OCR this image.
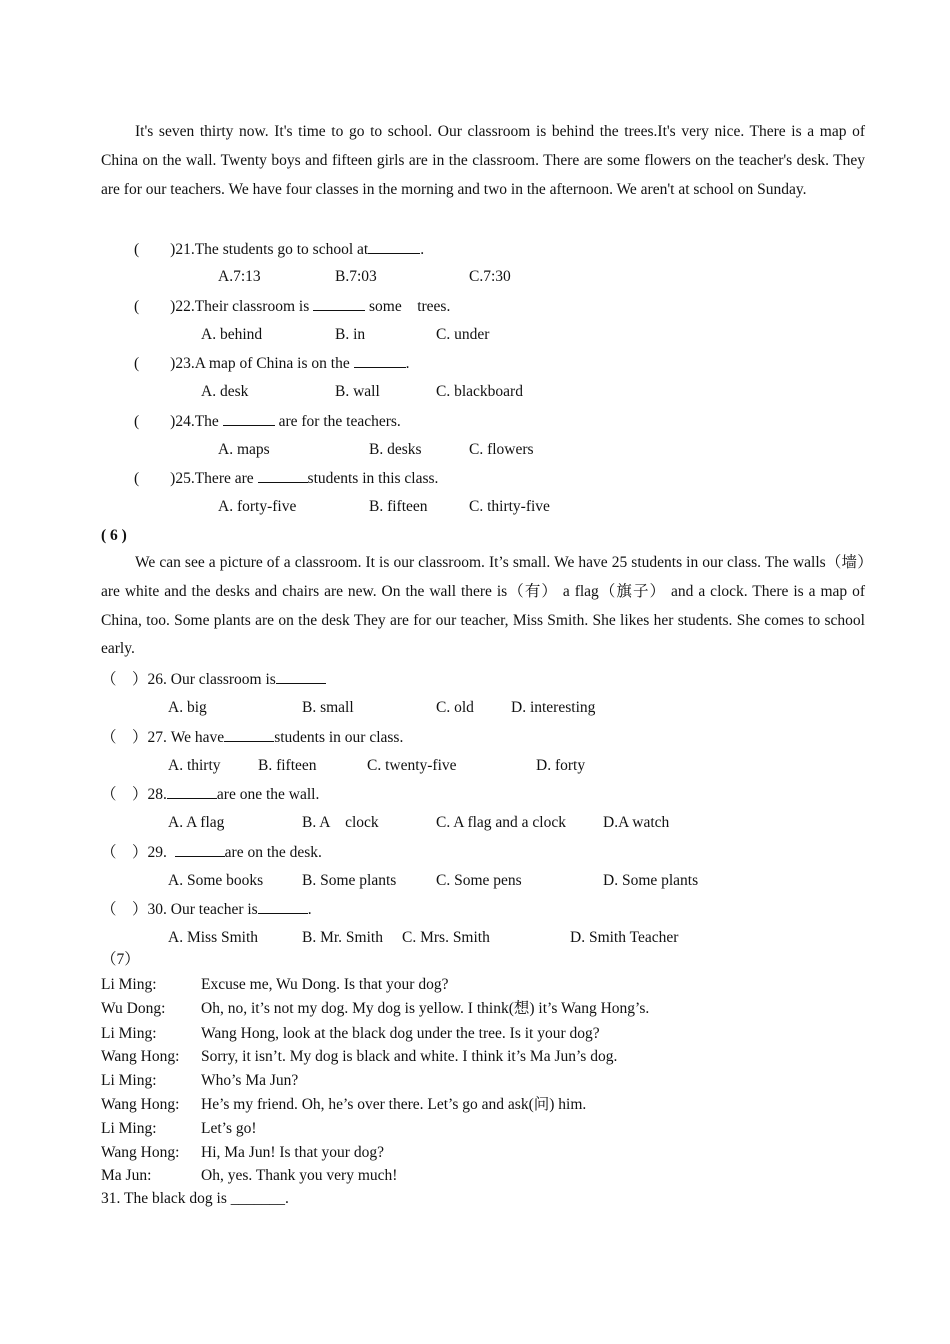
It's seven thirty now. It's time to go to school. Our classroom is behind the trees.It's very nice. There is a map of China on the wall. Twenty boys and fifteen girls are in the classroom. There are some flowers on the teacher's desk. They are for our teachers. We have four classes in the morning and two in the afternoon. We aren't at school on Sunday.
( )21.The students go to school at	.
A.7:13	B.7:03	C.7:30
( )22.Their classroom is	some    trees.
A. behind	B. in	C. under
( )23.A map of China is on the	.
A. desk	B. wall	C. blackboard
( )24.The	are for the teachers.
A. maps	B. desks	C. flowers
( )25.There are	students in this class.
A. forty-five	B. fifteen	C. thirty-five
( 6 )
We can see a picture of a classroom. It is our classroom. It’s small. We have 25 students in our class. The walls（墙）are white and the desks and chairs are new. On the wall there is（有） a flag（旗子） and a clock. There is a map of China, too. Some plants are on the desk They are for our teacher, Miss Smith. She likes her students. She comes to school early.
（ ）26. Our classroom is
A. big	B. small	C. old D. interesting
（ ）27. We have	students in our class.
A. thirty B. fifteen	C. twenty-five	D. forty
（ ）28.	are one the wall.
A. A flag	B. A    clock	C. A flag and a clock D.A watch
（ ）29.	are on the desk.
A. Some books	B. Some plants	C. Some pens	D. Some plants
（ ）30. Our teacher is	.
A. Miss Smith	B. Mr. Smith C. Mrs. Smith	D. Smith Teacher
（7）
Li Ming:	Excuse me, Wu Dong. Is that your dog?
Wu Dong: Oh, no, it’s not my dog. My dog is yellow. I think(想) it’s Wang Hong’s.
Li Ming:	Wang Hong, look at the black dog under the tree. Is it your dog?
Wang Hong: Sorry, it isn’t. My dog is black and white. I think it’s Ma Jun’s dog.
Li Ming:	Who’s Ma Jun?
Wang Hong: He’s my friend. Oh, he’s over there. Let’s go and ask(问) him.
Li Ming:	Let’s go!
Wang Hong: Hi, Ma Jun! Is that your dog?
Ma Jun:	Oh, yes. Thank you very much!
31. The black dog is _______.
